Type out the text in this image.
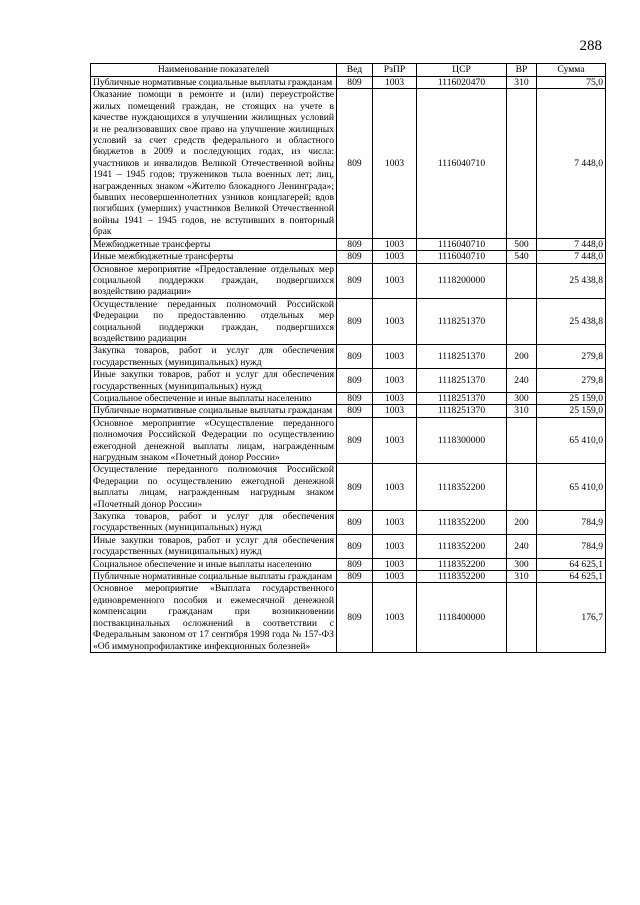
288
Наименование показателей	Вед	РзПР	ЦСР	ВР	Сумма
Публичные нормативные социальные выплаты гражданам	809	1003	1116020470	310	75,0
Оказание помощи в ремонте и (или) переустройстве жилых помещений граждан, не стоящих на учете в качестве нуждающихся в улучшении жилищных условий и не реализовавших свое право на улучшение жилищных условий за счет средств федерального и областного бюджетов в 2009 и последующих годах, из числа: участников и инвалидов Великой Отечественной войны 1941 – 1945 годов; тружеников тыла военных лет; лиц, награжденных знаком «Жителю блокадного Ленинграда»; бывших несовершеннолетних узников концлагерей; вдов погибших (умерших) участников Великой Отечественной войны 1941 – 1945 годов, не вступивших в повторный брак	809	1003	1116040710		7 448,0
Межбюджетные трансферты	809	1003	1116040710	500	7 448,0
Иные межбюджетные трансферты	809	1003	1116040710	540	7 448,0
Основное мероприятие «Предоставление отдельных мер социальной поддержки граждан, подвергшихся воздействию радиации»	809	1003	1118200000		25 438,8
Осуществление переданных полномочий Российской Федерации по предоставлению отдельных мер социальной поддержки граждан, подвергшихся воздействию радиации	809	1003	1118251370		25 438,8
Закупка товаров, работ и услуг для обеспечения государственных (муниципальных) нужд	809	1003	1118251370	200	279,8
Иные закупки товаров, работ и услуг для обеспечения государственных (муниципальных) нужд	809	1003	1118251370	240	279,8
Социальное обеспечение и иные выплаты населению	809	1003	1118251370	300	25 159,0
Публичные нормативные социальные выплаты гражданам	809	1003	1118251370	310	25 159,0
Основное мероприятие «Осуществление переданного полномочия Российской Федерации по осуществлению ежегодной денежной выплаты лицам, награжденным нагрудным знаком «Почетный донор России»	809	1003	1118300000		65 410,0
Осуществление переданного полномочия Российской Федерации по осуществлению ежегодной денежной выплаты лицам, награжденным нагрудным знаком «Почетный донор России»	809	1003	1118352200		65 410,0
Закупка товаров, работ и услуг для обеспечения государственных (муниципальных) нужд	809	1003	1118352200	200	784,9
Иные закупки товаров, работ и услуг для обеспечения государственных (муниципальных) нужд	809	1003	1118352200	240	784,9
Социальное обеспечение и иные выплаты населению	809	1003	1118352200	300	64 625,1
Публичные нормативные социальные выплаты гражданам	809	1003	1118352200	310	64 625,1
Основное мероприятие «Выплата государственного единовременного пособия и ежемесячной денежной компенсации гражданам при возникновении поствакцинальных осложнений в соответствии с Федеральным законом от 17 сентября 1998 года № 157-ФЗ «Об иммунопрофилактике инфекционных болезней»	809	1003	1118400000		176,7
